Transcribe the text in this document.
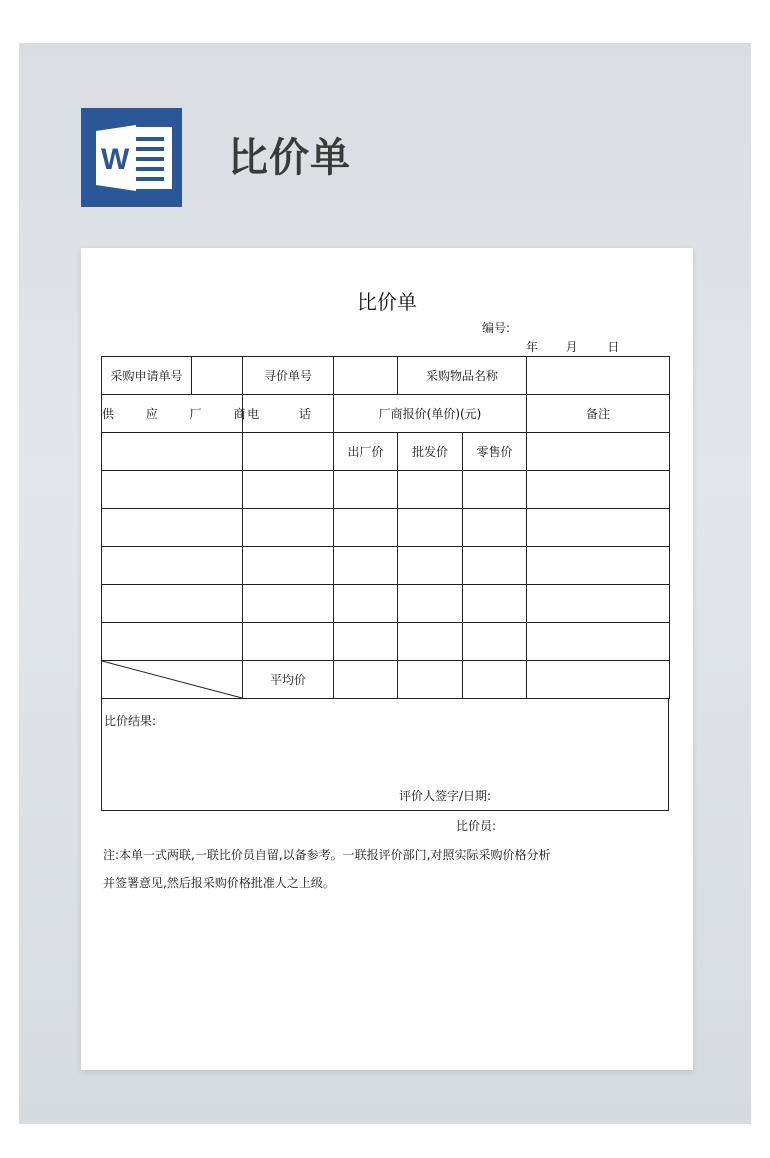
W 比价单
比价单
编号:
年 月 日
采购申请单号		寻价单号		采购物品名称		
供 应 厂 商		电 话	厂商报价(单价)(元)			备注
			出厂价	批发价	零售价	

	平均价				
比价结果:
评价人签字/日期:
比价员:
注:本单一式两联,一联比价员自留,以备参考。一联报评价部门,对照实际采购价格分析
并签署意见,然后报采购价格批准人之上级。
